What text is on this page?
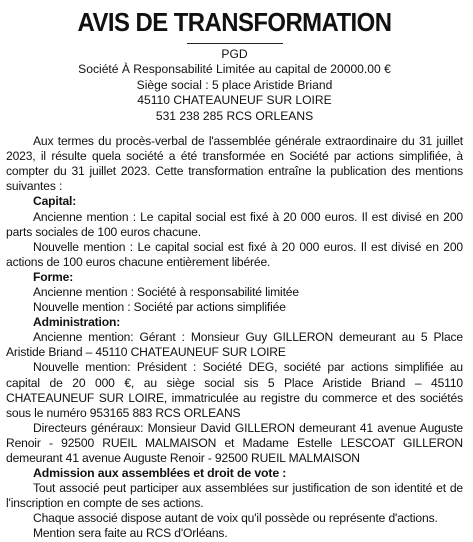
AVIS DE TRANSFORMATION
PGD
Société À Responsabilité Limitée au capital de 20000.00 €
Siège social : 5 place Aristide Briand
45110 CHATEAUNEUF SUR LOIRE
531 238 285 RCS ORLEANS

Aux termes du procès-verbal de l'assemblée générale extraordinaire du 31 juillet 2023, il résulte quela société a été transformée en Société par actions simplifiée, à compter du 31 juillet 2023. Cette transformation entraîne la publication des mentions suivantes :

Capital:

Ancienne mention : Le capital social est fixé à 20 000 euros. Il est divisé en 200 parts sociales de 100 euros chacune.

Nouvelle mention : Le capital social est fixé à 20 000 euros. Il est divisé en 200 actions de 100 euros chacune entièrement libérée.

Forme:

Ancienne mention : Société à responsabilité limitée

Nouvelle mention : Société par actions simplifiée

Administration:

Ancienne mention: Gérant : Monsieur Guy GILLERON demeurant au 5 Place Aristide Briand – 45110 CHATEAUNEUF SUR LOIRE

Nouvelle mention: Président : Société DEG, société par actions simplifiée au capital de 20 000 €, au siège social sis 5 Place Aristide Briand – 45110 CHATEAUNEUF SUR LOIRE, immatriculée au registre du commerce et des sociétés sous le numéro 953165 883 RCS ORLEANS

Directeurs généraux: Monsieur David GILLERON demeurant 41 avenue Auguste Renoir - 92500 RUEIL MALMAISON et Madame Estelle LESCOAT GILLERON demeurant 41 avenue Auguste Renoir - 92500 RUEIL MALMAISON

Admission aux assemblées et droit de vote :

Tout associé peut participer aux assemblées sur justification de son identité et de l'inscription en compte de ses actions.

Chaque associé dispose autant de voix qu'il possède ou représente d'actions.

Mention sera faite au RCS d'Orléans.
